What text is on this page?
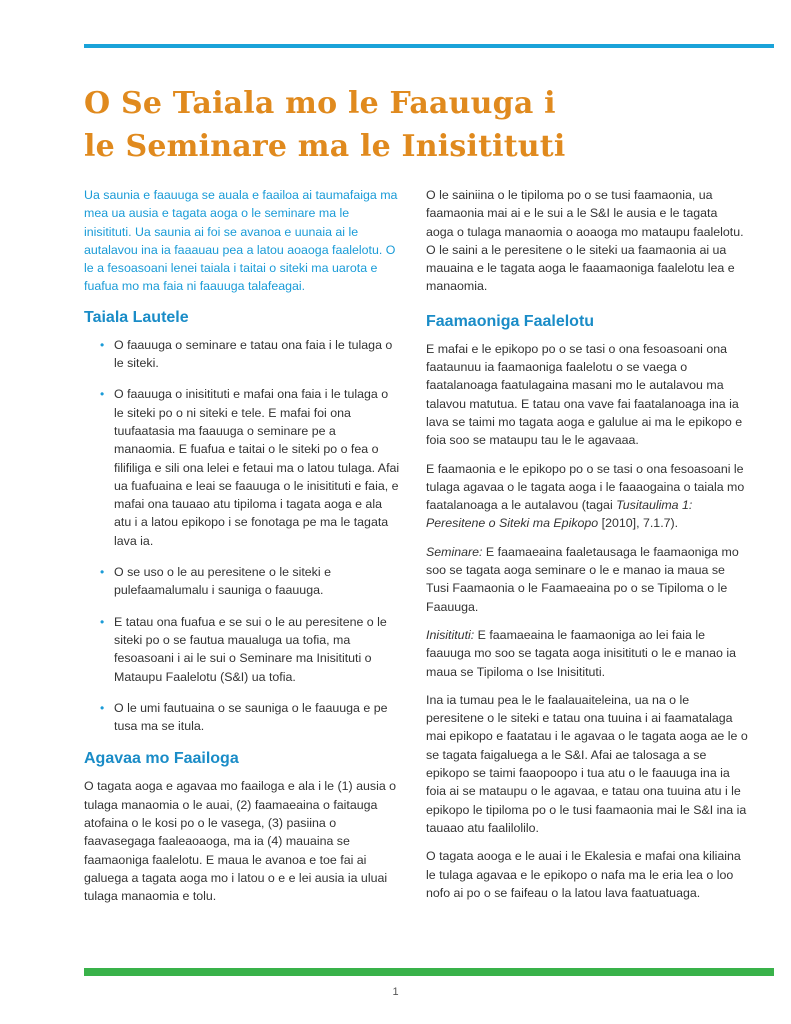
O Se Taiala mo le Faauuga i
le Seminare ma le Inisitituti

Ua saunia e faauuga se auala e faailoa ai taumafaiga ma mea ua ausia e tagata aoga o le seminare ma le inisitituti. Ua saunia ai foi se avanoa e uunaia ai le autalavou ina ia faaauau pea a latou aoaoga faalelotu. O le a fesoasoani lenei taiala i taitai o siteki ma uarota e fuafua mo ma faia ni faauuga talafeagai.

Taiala Lautele
• O faauuga o seminare e tatau ona faia i le tulaga o le siteki.
• O faauuga o inisitituti e mafai ona faia i le tulaga o le siteki po o ni siteki e tele. E mafai foi ona tuufaatasia ma faauuga o seminare pe a manaomia. E fuafua e taitai o le siteki po o fea o filifiliga e sili ona lelei e fetaui ma o latou tulaga. Afai ua fuafuaina e leai se faauuga o le inisitituti e faia, e mafai ona tauaao atu tipiloma i tagata aoga e ala atu i a latou epikopo i se fonotaga pe ma le tagata lava ia.
• O se uso o le au peresitene o le siteki e pulefaamalumalu i sauniga o faauuga.
• E tatau ona fuafua e se sui o le au peresitene o le siteki po o se fautua maualuga ua tofia, ma fesoasoani i ai le sui o Seminare ma Inisitituti o Mataupu Faalelotu (S&I) ua tofia.
• O le umi fautuaina o se sauniga o le faauuga e pe tusa ma se itula.
Agavaa mo Faailoga

O tagata aoga e agavaa mo faailoga e ala i le (1) ausia o tulaga manaomia o le auai, (2) faamaeaina o faitauga atofaina o le kosi po o le vasega, (3) pasiina o faavasegaga faaleaoaoga, ma ia (4) mauaina se faamaoniga faalelotu. E maua le avanoa e toe fai ai galuega a tagata aoga mo i latou o e e lei ausia ia uluai tulaga manaomia e tolu.

O le sainiina o le tipiloma po o se tusi faamaonia, ua faamaonia mai ai e le sui a le S&I le ausia e le tagata aoga o tulaga manaomia o aoaoga mo mataupu faalelotu. O le saini a le peresitene o le siteki ua faamaonia ai ua mauaina e le tagata aoga le faaamaoniga faalelotu lea e manaomia.

Faamaoniga Faalelotu

E mafai e le epikopo po o se tasi o ona fesoasoani ona faataunuu ia faamaoniga faalelotu o se vaega o faatalanoaga faatulagaina masani mo le autalavou ma talavou matutua. E tatau ona vave fai faatalanoaga ina ia lava se taimi mo tagata aoga e galulue ai ma le epikopo e foia soo se mataupu tau le le agavaaa.

E faamaonia e le epikopo po o se tasi o ona fesoasoani le tulaga agavaa o le tagata aoga i le faaaogaina o taiala mo faatalanoaga a le autalavou (tagai Tusitaulima 1: Peresitene o Siteki ma Epikopo [2010], 7.1.7).

Seminare: E faamaeaina faaletausaga le faamaoniga mo soo se tagata aoga seminare o le e manao ia maua se Tusi Faamaonia o le Faamaeaina po o se Tipiloma o le Faauuga.

Inisitituti: E faamaeaina le faamaoniga ao lei faia le faauuga mo soo se tagata aoga inisitituti o le e manao ia maua se Tipiloma o Ise Inisitituti.

Ina ia tumau pea le le faalauaiteleina, ua na o le peresitene o le siteki e tatau ona tuuina i ai faamatalaga mai epikopo e faatatau i le agavaa o le tagata aoga ae le o se tagata faigaluega a le S&I. Afai ae talosaga a se epikopo se taimi faaopoopo i tua atu o le faauuga ina ia foia ai se mataupu o le agavaa, e tatau ona tuuina atu i le epikopo le tipiloma po o le tusi faamaonia mai le S&I ina ia tauaao atu faalilolilo.

O tagata aooga e le auai i le Ekalesia e mafai ona kiliaina le tulaga agavaa e le epikopo o nafa ma le eria lea o loo nofo ai po o se faifeau o la latou lava faatuatuaga.

1
